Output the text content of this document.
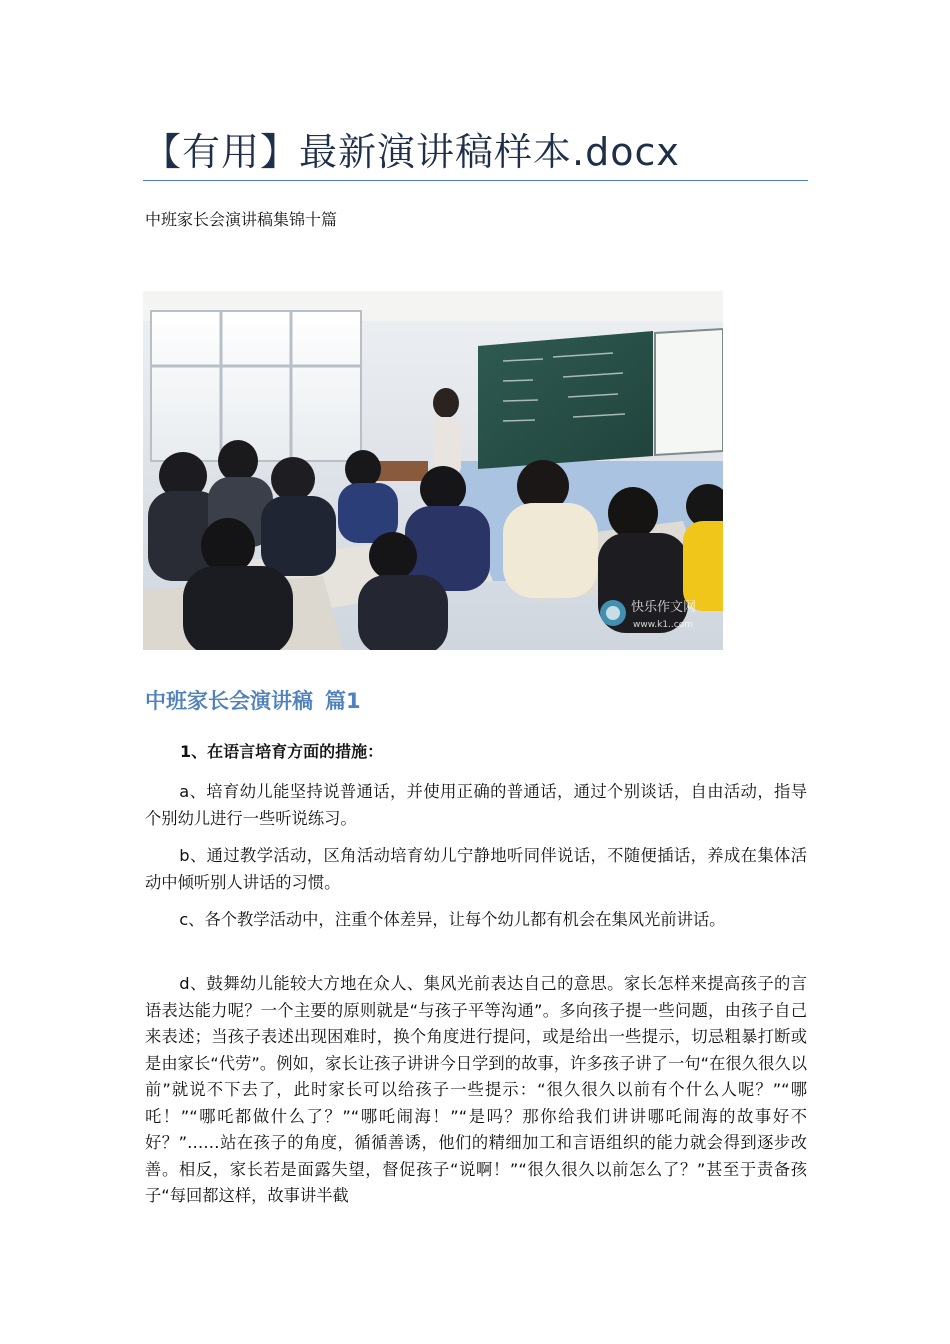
【有用】最新演讲稿样本.docx
中班家长会演讲稿集锦十篇
快乐作文网
www.k1..com
中班家长会演讲稿 篇1
1、在语言培育方面的措施：

a、培育幼儿能坚持说普通话，并使用正确的普通话，通过个别谈话，自由活动，指导个别幼儿进行一些听说练习。

b、通过教学活动，区角活动培育幼儿宁静地听同伴说话，不随便插话，养成在集体活动中倾听别人讲话的习惯。

c、各个教学活动中，注重个体差异，让每个幼儿都有机会在集风光前讲话。

d、鼓舞幼儿能较大方地在众人、集风光前表达自己的意思。家长怎样来提高孩子的言语表达能力呢？一个主要的原则就是“与孩子平等沟通”。多向孩子提一些问题，由孩子自己来表述；当孩子表述出现困难时，换个角度进行提问，或是给出一些提示，切忌粗暴打断或是由家长“代劳”。例如，家长让孩子讲讲今日学到的故事，许多孩子讲了一句“在很久很久以前”就说不下去了，此时家长可以给孩子一些提示：“很久很久以前有个什么人呢？”“哪吒！”“哪吒都做什么了？”“哪吒闹海！”“是吗？那你给我们讲讲哪吒闹海的故事好不好？”……站在孩子的角度，循循善诱，他们的精细加工和言语组织的能力就会得到逐步改善。相反，家长若是面露失望，督促孩子“说啊！”“很久很久以前怎么了？”甚至于责备孩子“每回都这样，故事讲半截
